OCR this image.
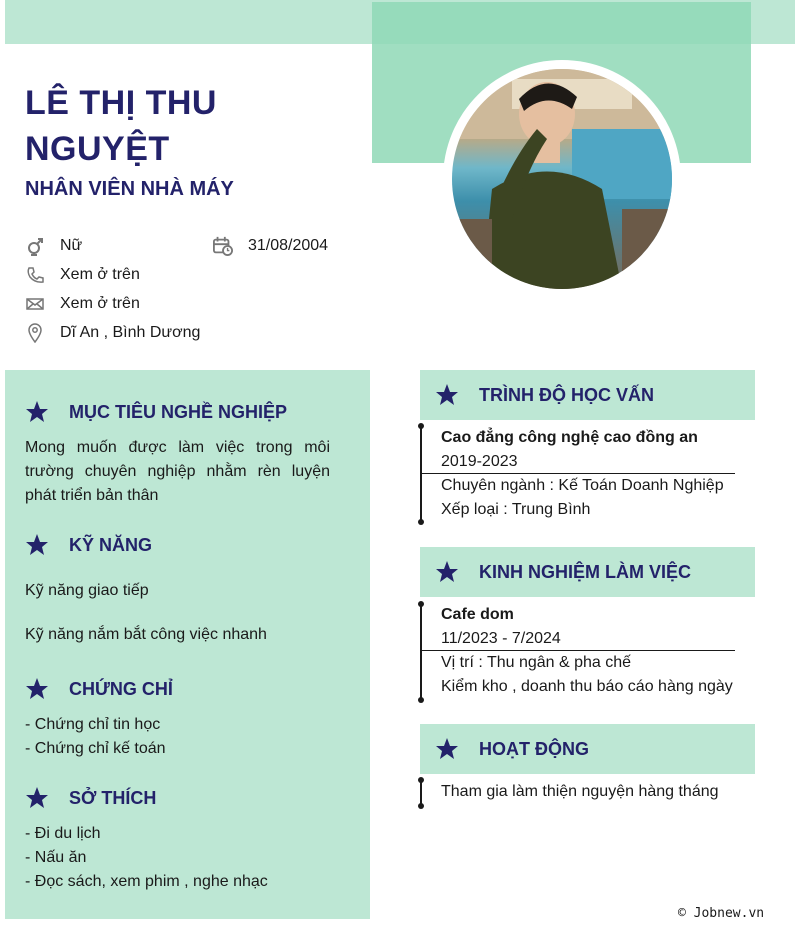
LÊ THỊ THU NGUYỆT
NHÂN VIÊN NHÀ MÁY
Nữ	31/08/2004
Xem ở trên
Xem ở trên
Dĩ An , Bình Dương
MỤC TIÊU NGHỀ NGHIỆP
Mong muốn được làm việc trong môi trường chuyên nghiệp nhằm rèn luyện phát triển bản thân
KỸ NĂNG
Kỹ năng giao tiếp
Kỹ năng nắm bắt công việc nhanh
CHỨNG CHỈ
- Chứng chỉ tin học
- Chứng chỉ kế toán
SỞ THÍCH
- Đi du lịch
- Nấu ăn
- Đọc sách, xem phim , nghe nhạc
TRÌNH ĐỘ HỌC VẤN
Cao đẳng công nghệ cao đồng an
2019-2023
Chuyên ngành : Kế Toán Doanh Nghiệp
Xếp loại : Trung Bình
KINH NGHIỆM LÀM VIỆC
Cafe dom
11/2023 - 7/2024
Vị trí : Thu ngân & pha chế
Kiểm kho , doanh thu báo cáo hàng ngày
HOẠT ĐỘNG
Tham gia làm thiện nguyện hàng tháng
© Jobnew.vn
